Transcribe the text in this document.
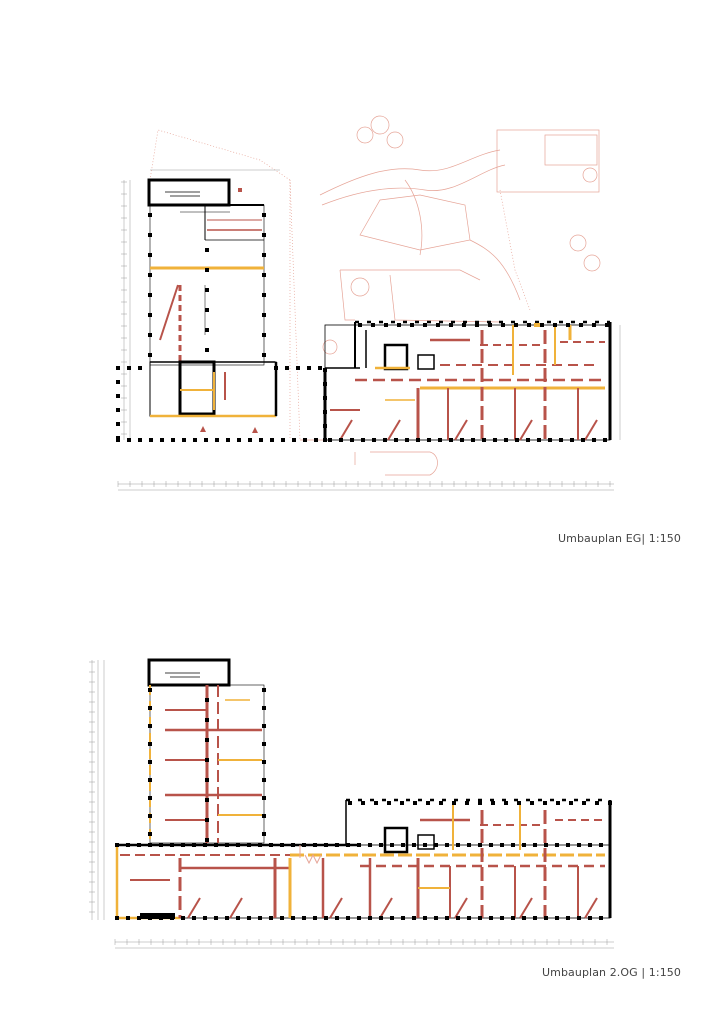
Umbauplan EG| 1:150
Umbauplan 2.OG | 1:150
